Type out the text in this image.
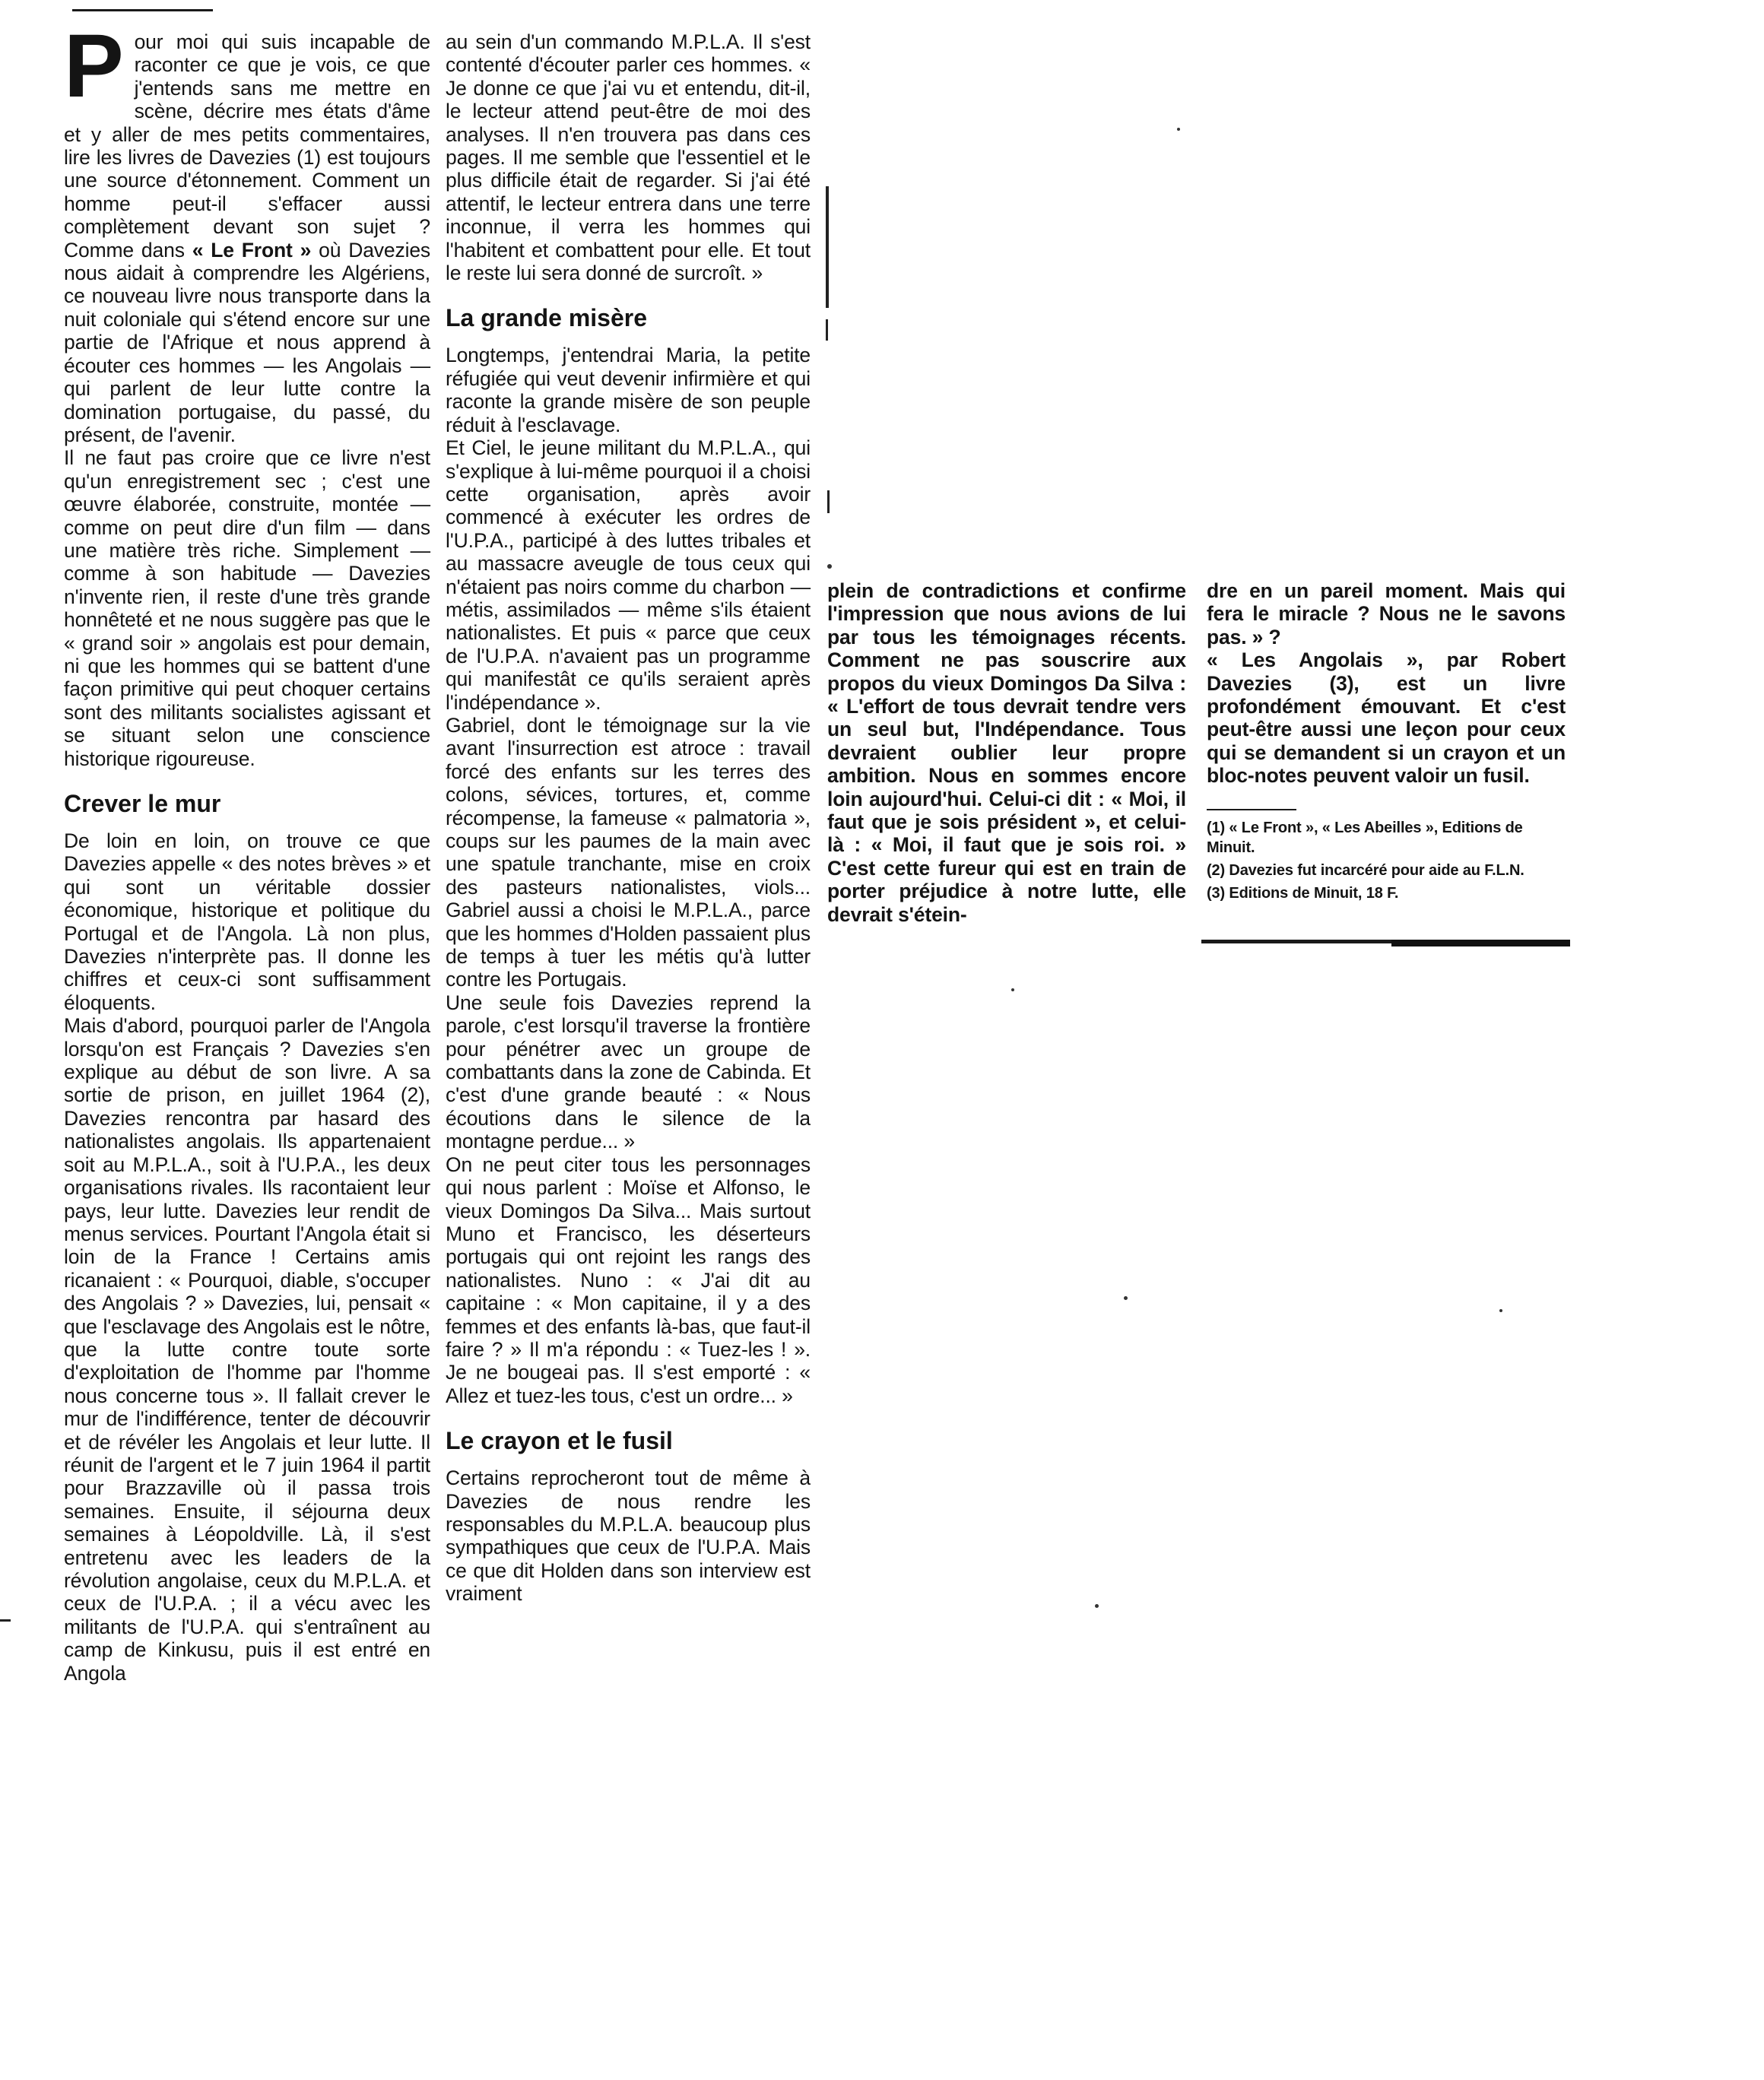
Pour moi qui suis incapable de raconter ce que je vois, ce que j'entends sans me mettre en scène, décrire mes états d'âme et y aller de mes petits commentaires, lire les livres de Davezies (1) est toujours une source d'étonnement. Comment un homme peut-il s'effacer aussi complètement devant son sujet ? Comme dans « Le Front » où Davezies nous aidait à comprendre les Algériens, ce nouveau livre nous transporte dans la nuit coloniale qui s'étend encore sur une partie de l'Afrique et nous apprend à écouter ces hommes — les Angolais — qui parlent de leur lutte contre la domination portugaise, du passé, du présent, de l'avenir.

Il ne faut pas croire que ce livre n'est qu'un enregistrement sec ; c'est une œuvre élaborée, construite, montée — comme on peut dire d'un film — dans une matière très riche. Simplement — comme à son habitude — Davezies n'invente rien, il reste d'une très grande honnêteté et ne nous suggère pas que le « grand soir » angolais est pour demain, ni que les hommes qui se battent d'une façon primitive qui peut choquer certains sont des militants socialistes agissant et se situant selon une conscience historique rigoureuse.

Crever le mur

De loin en loin, on trouve ce que Davezies appelle « des notes brèves » et qui sont un véritable dossier économique, historique et politique du Portugal et de l'Angola. Là non plus, Davezies n'interprète pas. Il donne les chiffres et ceux-ci sont suffisamment éloquents.

Mais d'abord, pourquoi parler de l'Angola lorsqu'on est Français ? Davezies s'en explique au début de son livre. A sa sortie de prison, en juillet 1964 (2), Davezies rencontra par hasard des nationalistes angolais. Ils appartenaient soit au M.P.L.A., soit à l'U.P.A., les deux organisations rivales. Ils racontaient leur pays, leur lutte. Davezies leur rendit de menus services. Pourtant l'Angola était si loin de la France ! Certains amis ricanaient : « Pourquoi, diable, s'occuper des Angolais ? » Davezies, lui, pensait « que l'esclavage des Angolais est le nôtre, que la lutte contre toute sorte d'exploitation de l'homme par l'homme nous concerne tous ». Il fallait crever le mur de l'indifférence, tenter de découvrir et de révéler les Angolais et leur lutte. Il réunit de l'argent et le 7 juin 1964 il partit pour Brazzaville où il passa trois semaines. Ensuite, il séjourna deux semaines à Léopoldville. Là, il s'est entretenu avec les leaders de la révolution angolaise, ceux du M.P.L.A. et ceux de l'U.P.A. ; il a vécu avec les militants de l'U.P.A. qui s'entraînent au camp de Kinkusu, puis il est entré en Angola

au sein d'un commando M.P.L.A. Il s'est contenté d'écouter parler ces hommes. « Je donne ce que j'ai vu et entendu, dit-il, le lecteur attend peut-être de moi des analyses. Il n'en trouvera pas dans ces pages. Il me semble que l'essentiel et le plus difficile était de regarder. Si j'ai été attentif, le lecteur entrera dans une terre inconnue, il verra les hommes qui l'habitent et combattent pour elle. Et tout le reste lui sera donné de surcroît. »

La grande misère

Longtemps, j'entendrai Maria, la petite réfugiée qui veut devenir infirmière et qui raconte la grande misère de son peuple réduit à l'esclavage.

Et Ciel, le jeune militant du M.P.L.A., qui s'explique à lui-même pourquoi il a choisi cette organisation, après avoir commencé à exécuter les ordres de l'U.P.A., participé à des luttes tribales et au massacre aveugle de tous ceux qui n'étaient pas noirs comme du charbon — métis, assimilados — même s'ils étaient nationalistes. Et puis « parce que ceux de l'U.P.A. n'avaient pas un programme qui manifestât ce qu'ils seraient après l'indépendance ».

Gabriel, dont le témoignage sur la vie avant l'insurrection est atroce : travail forcé des enfants sur les terres des colons, sévices, tortures, et, comme récompense, la fameuse « palmatoria », coups sur les paumes de la main avec une spatule tranchante, mise en croix des pasteurs nationalistes, viols... Gabriel aussi a choisi le M.P.L.A., parce que les hommes d'Holden passaient plus de temps à tuer les métis qu'à lutter contre les Portugais.

Une seule fois Davezies reprend la parole, c'est lorsqu'il traverse la frontière pour pénétrer avec un groupe de combattants dans la zone de Cabinda. Et c'est d'une grande beauté : « Nous écoutions dans le silence de la montagne perdue... »

On ne peut citer tous les personnages qui nous parlent : Moïse et Alfonso, le vieux Domingos Da Silva... Mais surtout Muno et Francisco, les déserteurs portugais qui ont rejoint les rangs des nationalistes. Nuno : « J'ai dit au capitaine : « Mon capitaine, il y a des femmes et des enfants là-bas, que faut-il faire ? » Il m'a répondu : « Tuez-les ! ». Je ne bougeai pas. Il s'est emporté : « Allez et tuez-les tous, c'est un ordre... »

Le crayon et le fusil

Certains reprocheront tout de même à Davezies de nous rendre les responsables du M.P.L.A. beaucoup plus sympathiques que ceux de l'U.P.A. Mais ce que dit Holden dans son interview est vraiment

plein de contradictions et confirme l'impression que nous avions de lui par tous les témoignages récents. Comment ne pas souscrire aux propos du vieux Domingos Da Silva : « L'effort de tous devrait tendre vers un seul but, l'Indépendance. Tous devraient oublier leur propre ambition. Nous en sommes encore loin aujourd'hui. Celui-ci dit : « Moi, il faut que je sois président », et celui-là : « Moi, il faut que je sois roi. » C'est cette fureur qui est en train de porter préjudice à notre lutte, elle devrait s'étein-

dre en un pareil moment. Mais qui fera le miracle ? Nous ne le savons pas. » ?

« Les Angolais », par Robert Davezies (3), est un livre profondément émouvant. Et c'est peut-être aussi une leçon pour ceux qui se demandent si un crayon et un bloc-notes peuvent valoir un fusil.

(1) « Le Front », « Les Abeilles », Editions de Minuit.

(2) Davezies fut incarcéré pour aide au F.L.N.

(3) Editions de Minuit, 18 F.
